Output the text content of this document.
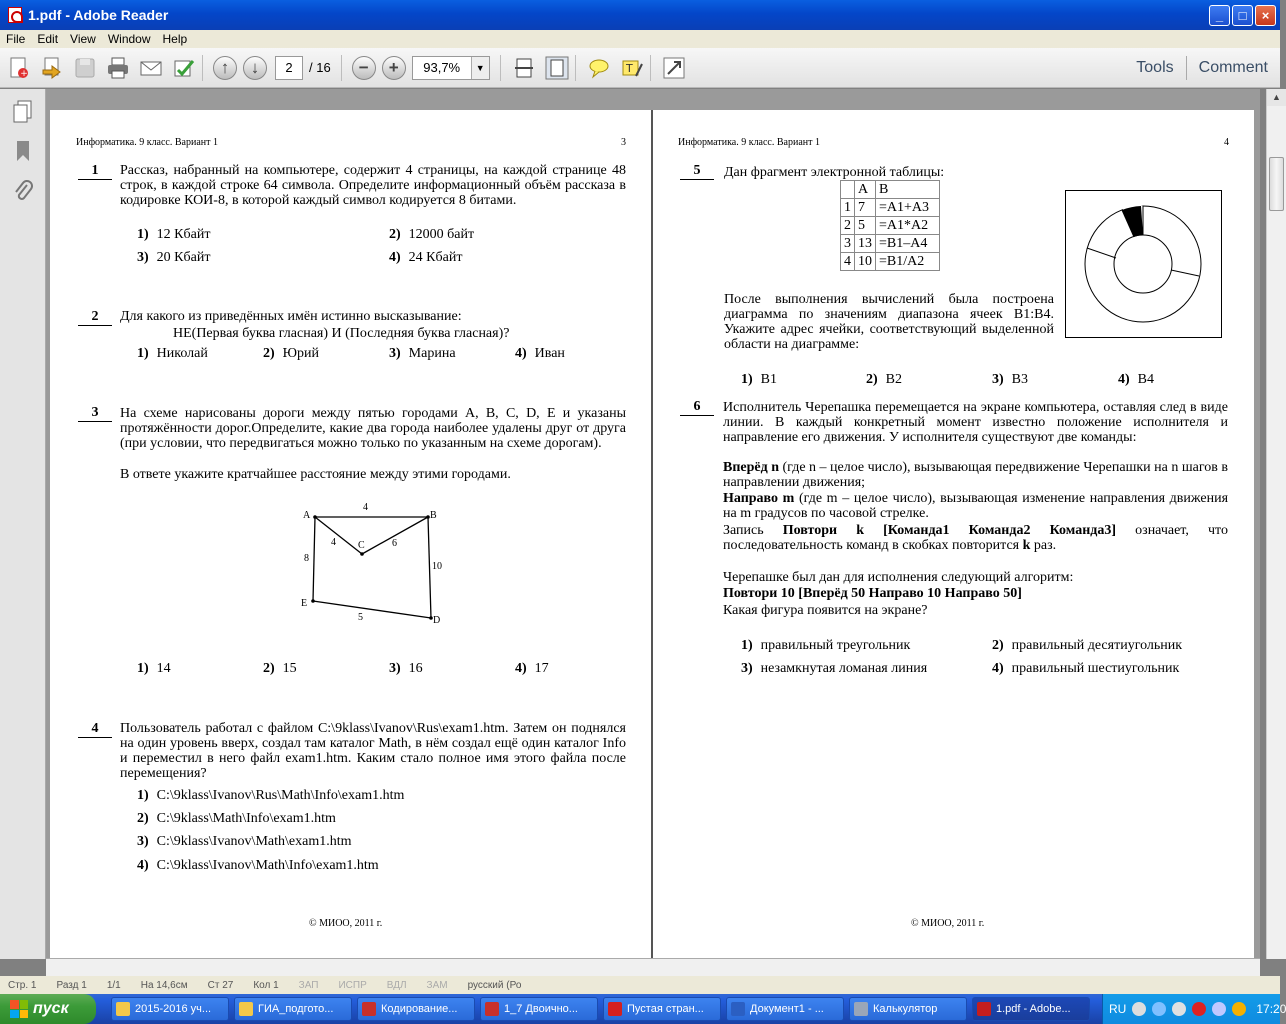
1.pdf - Adobe Reader	_	□	×
File Edit View Window Help
+	↑	↓	2	/ 16	−	+	93,7%	▼	T	Tools	Comment
▲
Информатика. 9 класс. Вариант 1	3
1	Рассказ, набранный на компьютере, содержит 4 страницы, на каждой странице 48 строк, в каждой строке 64 символа. Определите информационный объём рассказа в кодировке КОИ-8, в которой каждый символ кодируется 8 битами.
1) 12 Кбайт	2) 12000 байт
3) 20 Кбайт	4) 24 Кбайт
2	Для какого из приведённых имён истинно высказывание:
НЕ(Первая буква гласная) И (Последняя буква гласная)?
1) Николай	2) Юрий	3) Марина	4) Иван
3	На схеме нарисованы дороги между пятью городами A, B, C, D, E и указаны протяжённости дорог.Определите, какие два города наиболее удалены друг от друга (при условии, что передвигаться можно только по указанным на схеме дорогам).
В ответе укажите кратчайшее расстояние между этими городами.
A	B
C
D
E
4
4	6
8
10
5
1) 14	2) 15	3) 16	4) 17
4	Пользователь работал с файлом C:\9klass\Ivanov\Rus\exam1.htm. Затем он поднялся на один уровень вверх, создал там каталог Math, в нём создал ещё один каталог Info и переместил в него файл exam1.htm. Каким стало полное имя этого файла после перемещения?
1) C:\9klass\Ivanov\Rus\Math\Info\exam1.htm
2) C:\9klass\Math\Info\exam1.htm
3) C:\9klass\Ivanov\Math\exam1.htm
4) C:\9klass\Ivanov\Math\Info\exam1.htm
© МИОО, 2011 г.
Информатика. 9 класс. Вариант 1	4
5	Дан фрагмент электронной таблицы:
	A	B
1	7	=A1+A3
2	5	=A1*A2
3	13	=B1–A4
4	10	=B1/A2
После выполнения вычислений была построена диаграмма по значениям диапазона ячеек B1:B4. Укажите адрес ячейки, соответствующий выделенной области на диаграмме:
1) B1	2) B2	3) B3	4) B4
6	Исполнитель Черепашка перемещается на экране компьютера, оставляя след в виде линии. В каждый конкретный момент известно положение исполнителя и направление его движения. У исполнителя существуют две команды:
Вперёд n (где n – целое число), вызывающая передвижение Черепашки на n шагов в направлении движения;
Направо m (где m – целое число), вызывающая изменение направления движения на m градусов по часовой стрелке.
Запись Повтори k [Команда1 Команда2 Команда3] означает, что последовательность команд в скобках повторится k раз.
Черепашке был дан для исполнения следующий алгоритм:
Повтори 10 [Вперёд 50 Направо 10 Направо 50]
Какая фигура появится на экране?
1) правильный треугольник	2) правильный десятиугольник
3) незамкнутая ломаная линия	4) правильный шестиугольник
© МИОО, 2011 г.
Стр. 1 Разд 1 1/1 На 14,6см Ст 27 Кол 1 ЗАП ИСПР ВДЛ ЗАМ русский (Ро
пуск	2015-2016 уч...	ГИА_подгото...	Кодирование...	1_7 Двоично...	Пустая стран...	Документ1 - ...	Калькулятор	1.pdf - Adobe...	RU	17:20
